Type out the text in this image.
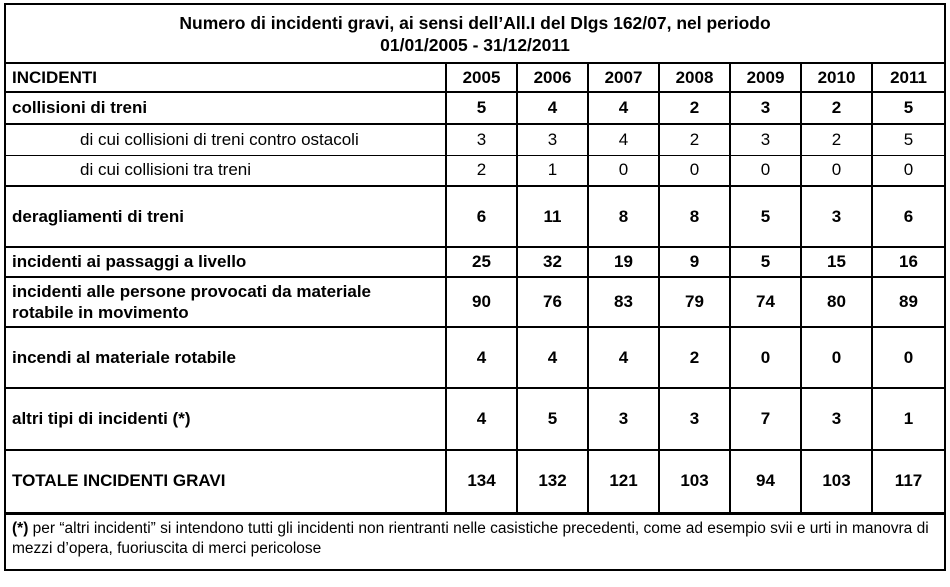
Numero di incidenti gravi, ai sensi dell’All.I del Dlgs 162/07, nel periodo
01/01/2005 - 31/12/2011							

INCIDENTI	2005	2006	2007	2008	2009	2010	2011
collisioni di treni	5	4	4	2	3	2	5
di cui collisioni di treni contro ostacoli	3	3	4	2	3	2	5
di cui collisioni tra treni	2	1	0	0	0	0	0
deragliamenti di treni	6	11	8	8	5	3	6
incidenti ai passaggi a livello	25	32	19	9	5	15	16
incidenti alle persone provocati da materiale
rotabile in movimento	90	76	83	79	74	80	89
incendi al materiale rotabile	4	4	4	2	0	0	0
altri tipi di incidenti (*)	4	5	3	3	7	3	1
TOTALE INCIDENTI GRAVI	134	132	121	103	94	103	117
(*) per “altri incidenti” si intendono tutti gli incidenti non rientranti nelle casistiche precedenti, come ad esempio svii e urti in manovra di mezzi d’opera, fuoriuscita di merci pericolose							
